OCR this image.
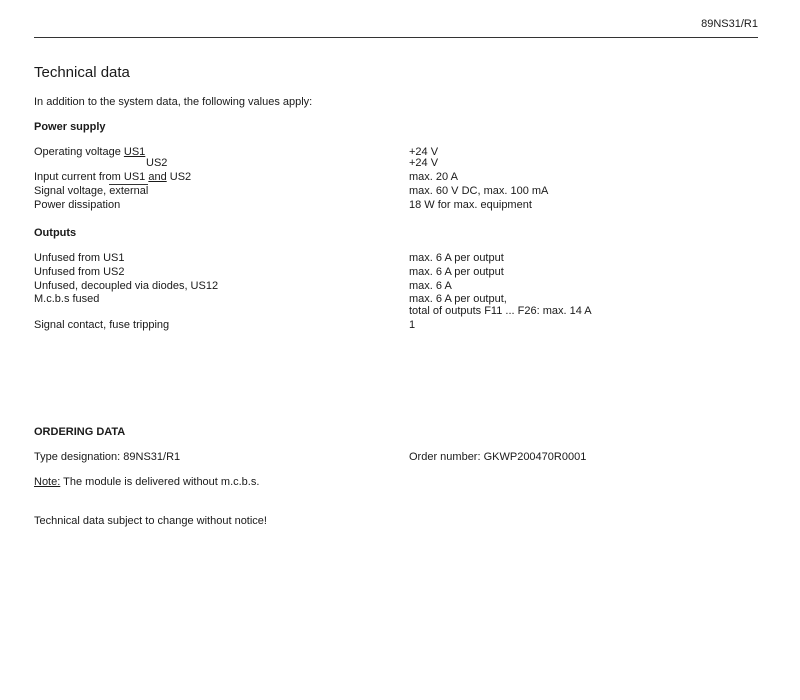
89NS31/R1
Technical data
In addition to the system data, the following values apply:
Power supply
Operating voltage US1	+24 V
US2	+24 V
Input current from US1 and US2	max. 20 A
Signal voltage, external	max. 60 V DC, max. 100 mA
Power dissipation	18 W for max. equipment
Outputs
Unfused from US1	max. 6 A per output
Unfused from US2	max. 6 A per output
Unfused, decoupled via diodes, US12	max. 6 A
M.c.b.s fused	max. 6 A per output,
total of outputs F11 ... F26: max. 14 A
Signal contact, fuse tripping	1
ORDERING DATA
Type designation: 89NS31/R1	Order number: GKWP200470R0001
Note: The module is delivered without m.c.b.s.
Technical data subject to change without notice!
